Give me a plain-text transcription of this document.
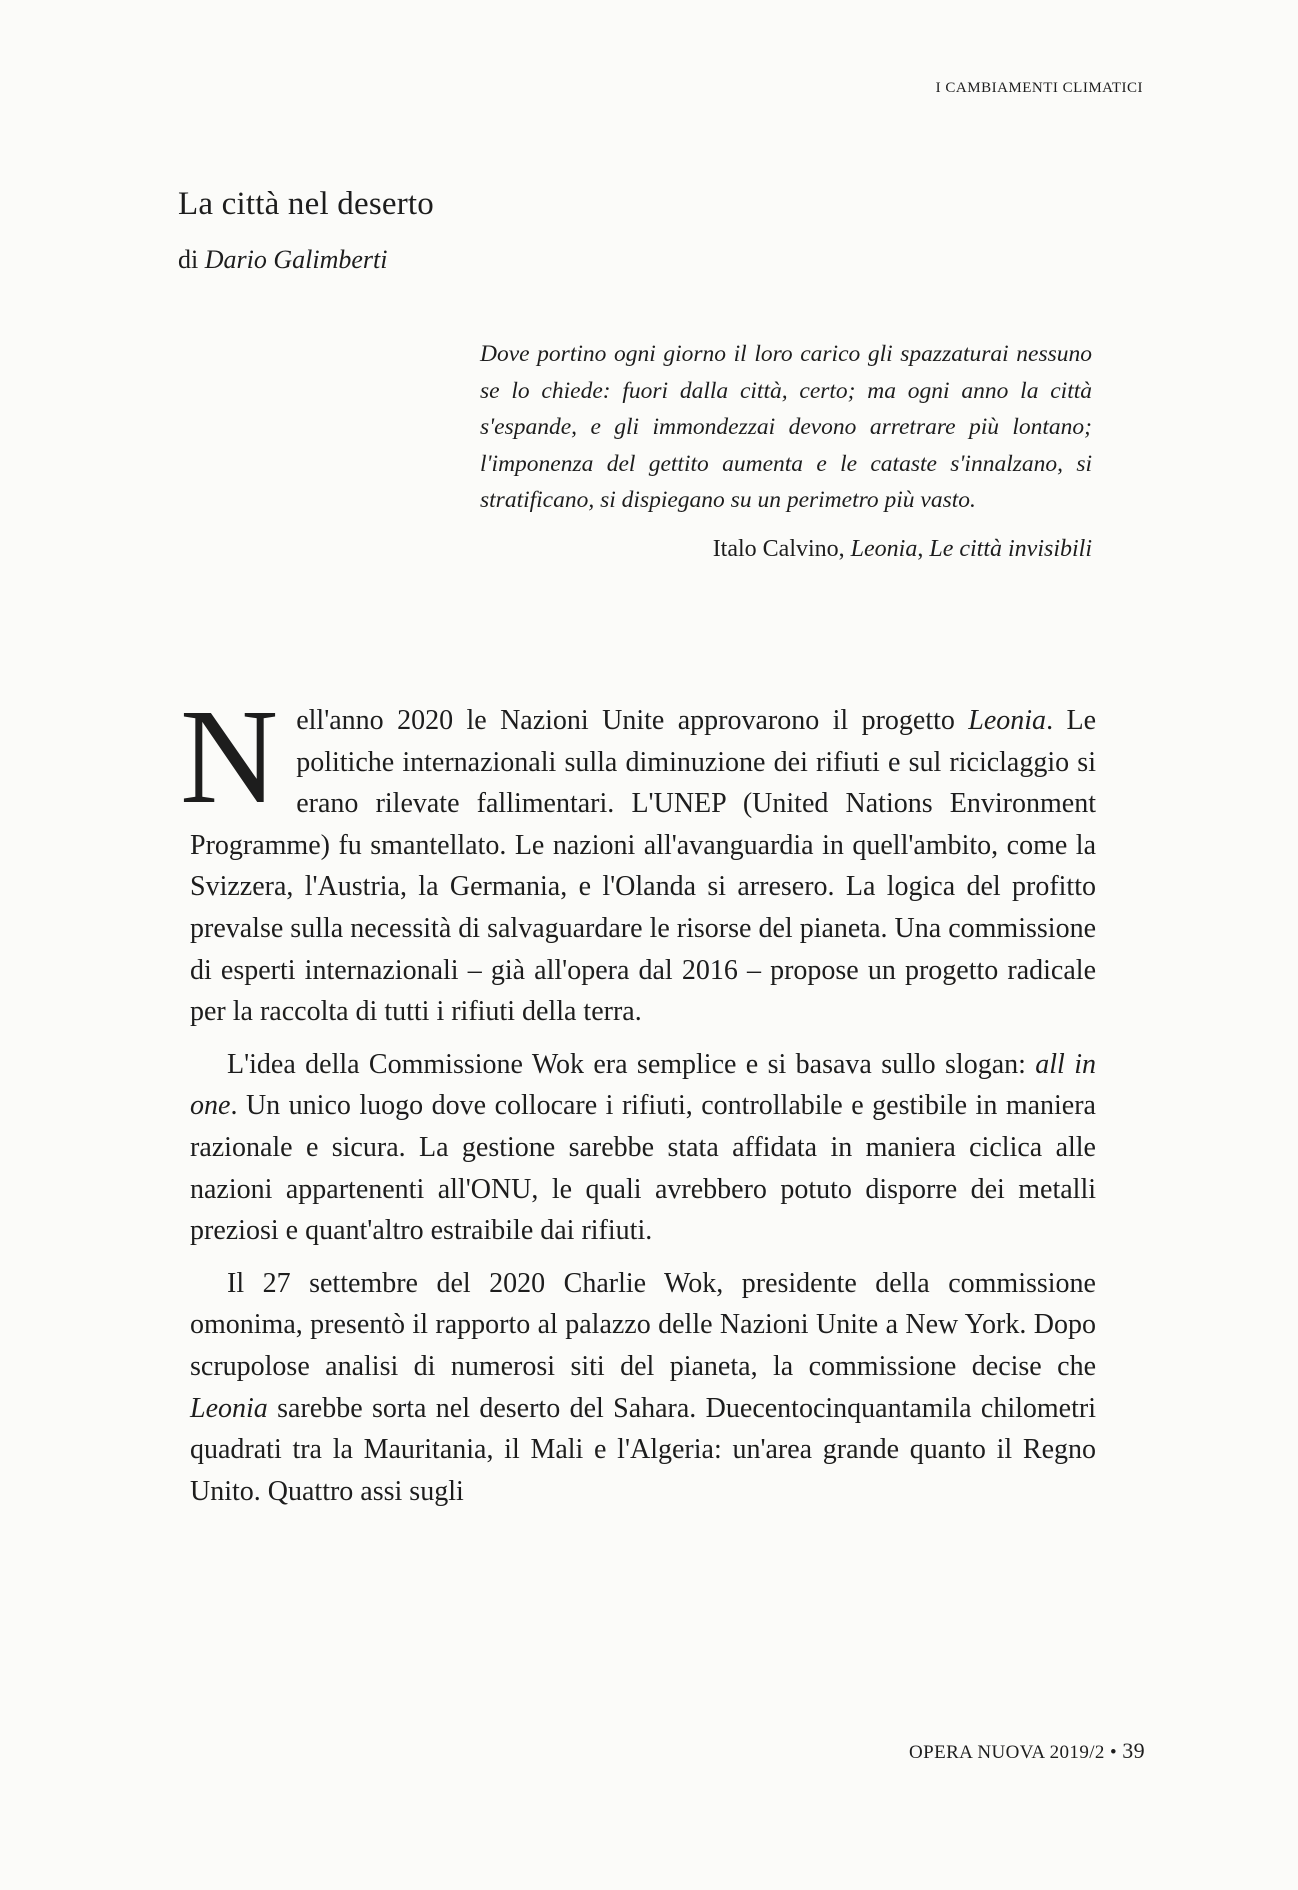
I CAMBIAMENTI CLIMATICI
La città nel deserto
di Dario Galimberti

Dove portino ogni giorno il loro carico gli spazzaturai nessuno se lo chiede: fuori dalla città, certo; ma ogni anno la città s'espande, e gli immondezzai devono arretrare più lontano; l'imponenza del gettito aumenta e le cataste s'innalzano, si stratificano, si dispiegano su un perimetro più vasto.

Italo Calvino, Leonia, Le città invisibili

Nell'anno 2020 le Nazioni Unite approvarono il progetto Leonia. Le politiche internazionali sulla diminuzione dei rifiuti e sul riciclaggio si erano rilevate fallimentari. L'UNEP (United Nations Environment Programme) fu smantellato. Le nazioni all'avanguardia in quell'ambito, come la Svizzera, l'Austria, la Germania, e l'Olanda si arresero. La logica del profitto prevalse sulla necessità di salvaguardare le risorse del pianeta. Una commissione di esperti internazionali – già all'opera dal 2016 – propose un progetto radicale per la raccolta di tutti i rifiuti della terra.

L'idea della Commissione Wok era semplice e si basava sullo slogan: all in one. Un unico luogo dove collocare i rifiuti, controllabile e gestibile in maniera razionale e sicura. La gestione sarebbe stata affidata in maniera ciclica alle nazioni appartenenti all'ONU, le quali avrebbero potuto disporre dei metalli preziosi e quant'altro estraibile dai rifiuti.

Il 27 settembre del 2020 Charlie Wok, presidente della commissione omonima, presentò il rapporto al palazzo delle Nazioni Unite a New York. Dopo scrupolose analisi di numerosi siti del pianeta, la commissione decise che Leonia sarebbe sorta nel deserto del Sahara. Duecentocinquantamila chilometri quadrati tra la Mauritania, il Mali e l'Algeria: un'area grande quanto il Regno Unito. Quattro assi sugli

OPERA NUOVA 2019/2 • 39
